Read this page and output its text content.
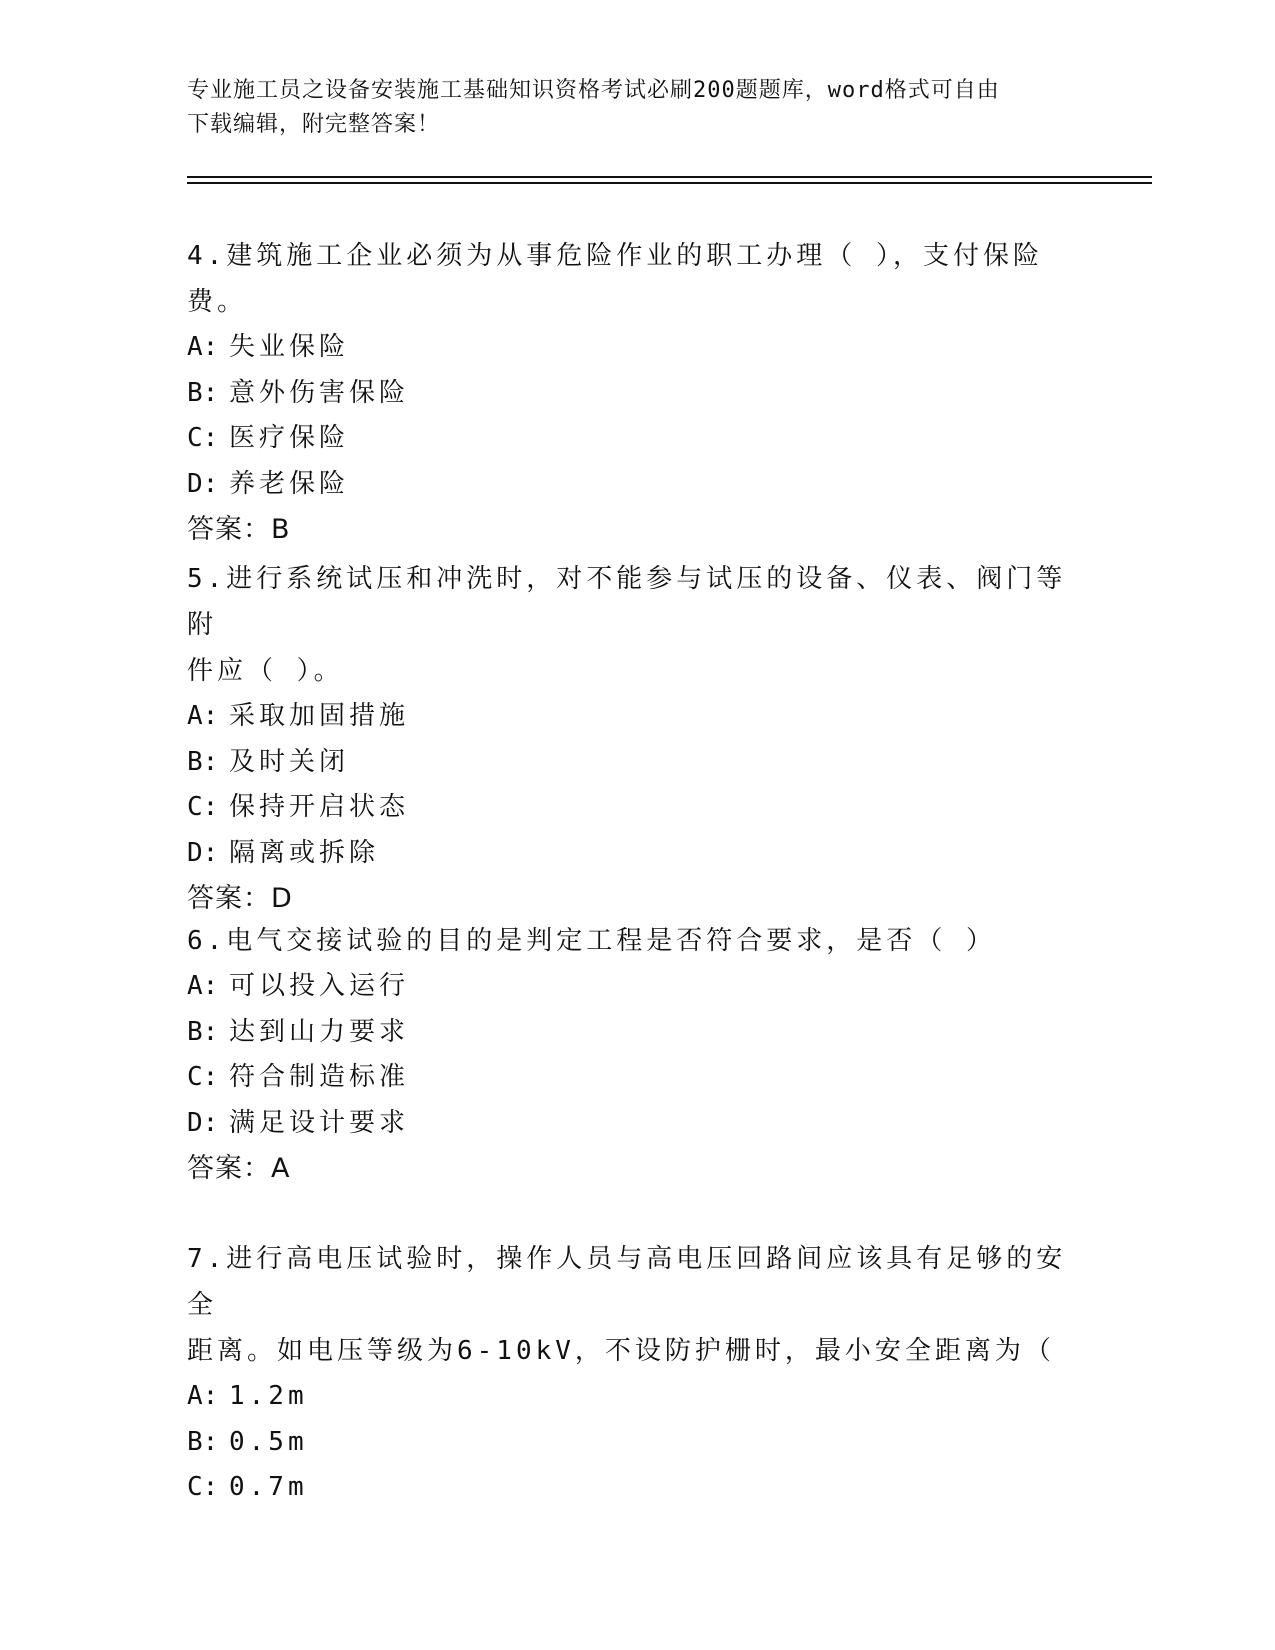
专业施工员之设备安装施工基础知识资格考试必刷200题题库，word格式可自由
下载编辑，附完整答案！

4.建筑施工企业必须为从事危险作业的职工办理（ ），支付保险费。

A: 失业保险

B: 意外伤害保险

C: 医疗保险

D: 养老保险

答案：B

5.进行系统试压和冲洗时，对不能参与试压的设备、仪表、阀门等附

件应（ ）。

A: 采取加固措施

B: 及时关闭

C: 保持开启状态

D: 隔离或拆除

答案：D

6.电气交接试验的目的是判定工程是否符合要求，是否（ ）

A: 可以投入运行

B: 达到山力要求

C: 符合制造标准

D: 满足设计要求

答案：A

7.进行高电压试验时，操作人员与高电压回路间应该具有足够的安全

距离。如电压等级为6-10kV，不设防护栅时，最小安全距离为（

A: 1.2m

B: 0.5m

C: 0.7m
